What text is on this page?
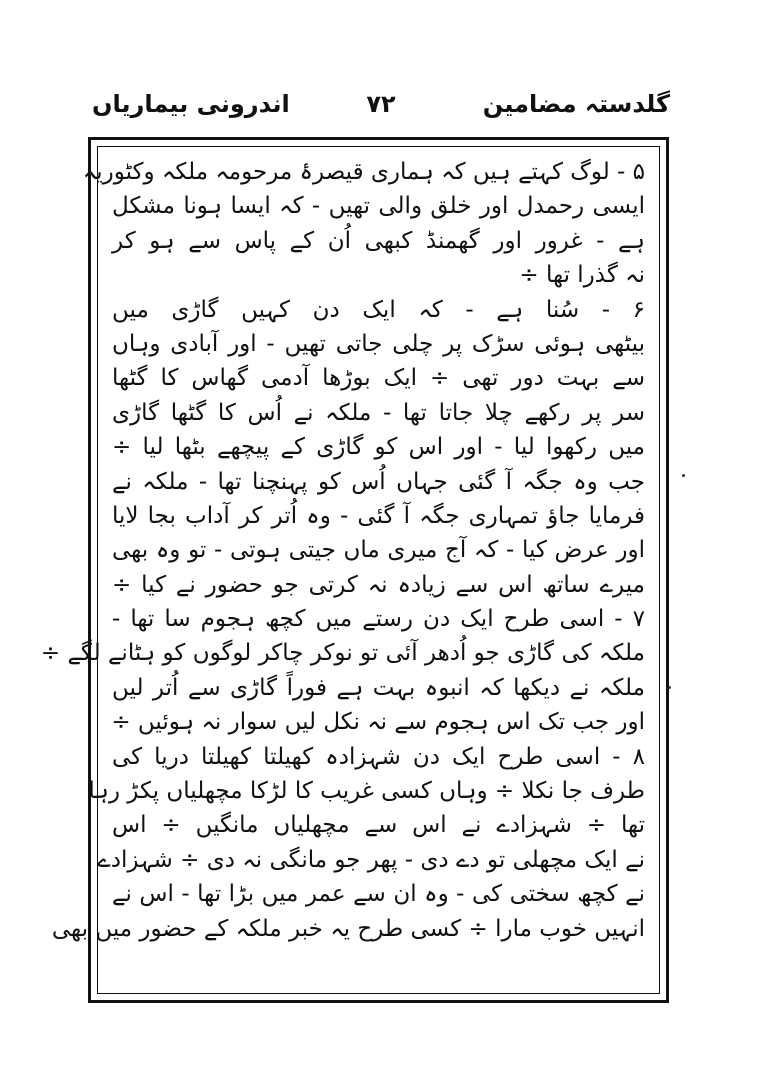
گلدستہ مضامین
۷۲
اندرونی بیماریاں
۵ - لوگ کہتے ہیں کہ ہماری قیصرۂ مرحومہ ملکہ وکٹوریہ
ایسی رحمدل اور خلق والی تھیں - کہ ایسا ہونا مشکل
ہے - غرور اور گھمنڈ کبھی اُن کے پاس سے ہو کر
نہ گذرا تھا ÷
۶ - سُنا ہے - کہ ایک دن کہیں گاڑی میں
بیٹھی ہوئی سڑک پر چلی جاتی تھیں - اور آبادی وہاں
سے بہت دور تھی ÷ ایک بوڑھا آدمی گھاس کا گٹھا
سر پر رکھے چلا جاتا تھا - ملکہ نے اُس کا گٹھا گاڑی
میں رکھوا لیا - اور اس کو گاڑی کے پیچھے بٹھا لیا ÷
جب وہ جگہ آ گئی جہاں اُس کو پہنچنا تھا - ملکہ نے
فرمایا جاؤ تمہاری جگہ آ گئی - وہ اُتر کر آداب بجا لایا
اور عرض کیا - کہ آج میری ماں جیتی ہوتی - تو وہ بھی
میرے ساتھ اس سے زیادہ نہ کرتی جو حضور نے کیا ÷
۷ - اسی طرح ایک دن رستے میں کچھ ہجوم سا تھا -
ملکہ کی گاڑی جو اُدھر آئی تو نوکر چاکر لوگوں کو ہٹانے لگے ÷
ملکہ نے دیکھا کہ انبوہ بہت ہے فوراً گاڑی سے اُتر لیں
اور جب تک اس ہجوم سے نہ نکل لیں سوار نہ ہوئیں ÷
۸ - اسی طرح ایک دن شہزادہ کھیلتا کھیلتا دریا کی
طرف جا نکلا ÷ وہاں کسی غریب کا لڑکا مچھلیاں پکڑ رہا
تھا ÷ شہزادے نے اس سے مچھلیاں مانگیں ÷ اس
نے ایک مچھلی تو دے دی - پھر جو مانگی نہ دی ÷ شہزادے
نے کچھ سختی کی - وہ ان سے عمر میں بڑا تھا - اس نے
انہیں خوب مارا ÷ کسی طرح یہ خبر ملکہ کے حضور میں بھی
